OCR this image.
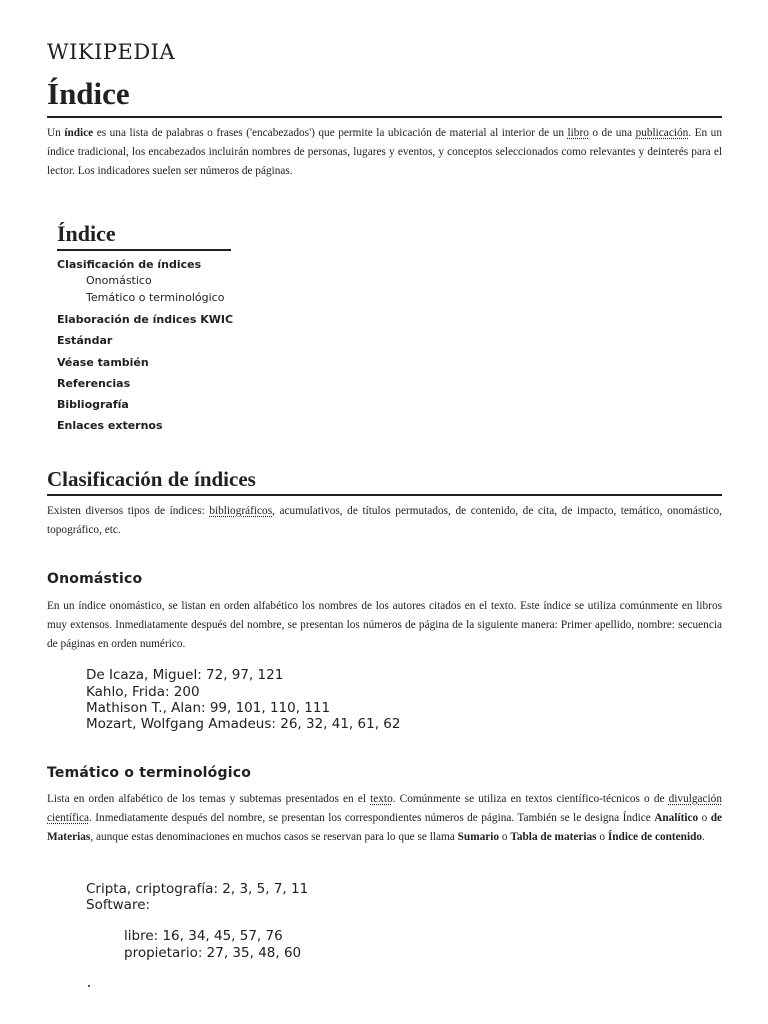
WIKIPEDIA
Índice

Un índice es una lista de palabras o frases ('encabezados') que permite la ubicación de material al interior de un libro o de una publicación. En un índice tradicional, los encabezados incluirán nombres de personas, lugares y eventos, y conceptos seleccionados como relevantes y deinterés para el lector. Los indicadores suelen ser números de páginas.

Índice
Clasificación de índices
Onomástico
Temático o terminológico
Elaboración de índices KWIC
Estándar
Véase también
Referencias
Bibliografía
Enlaces externos
Clasificación de índices

Existen diversos tipos de índices: bibliográficos, acumulativos, de títulos permutados, de contenido, de cita, de impacto, temático, onomástico, topográfico, etc.

Onomástico

En un índice onomástico, se listan en orden alfabético los nombres de los autores citados en el texto. Este índice se utiliza comúnmente en libros muy extensos. Inmediatamente después del nombre, se presentan los números de página de la siguiente manera: Primer apellido, nombre: secuencia de páginas en orden numérico.

De Icaza, Miguel: 72, 97, 121
Kahlo, Frida: 200
Mathison T., Alan: 99, 101, 110, 111
Mozart, Wolfgang Amadeus: 26, 32, 41, 61, 62
Temático o terminológico

Lista en orden alfabético de los temas y subtemas presentados en el texto. Comúnmente se utiliza en textos científico-técnicos o de divulgación científica. Inmediatamente después del nombre, se presentan los correspondientes números de página. También se le designa Índice Analítico o de Materias, aunque estas denominaciones en muchos casos se reservan para lo que se llama Sumario o Tabla de materias o Índice de contenido.

Cripta, criptografía: 2, 3, 5, 7, 11
Software:
libre: 16, 34, 45, 57, 76
propietario: 27, 35, 48, 60
